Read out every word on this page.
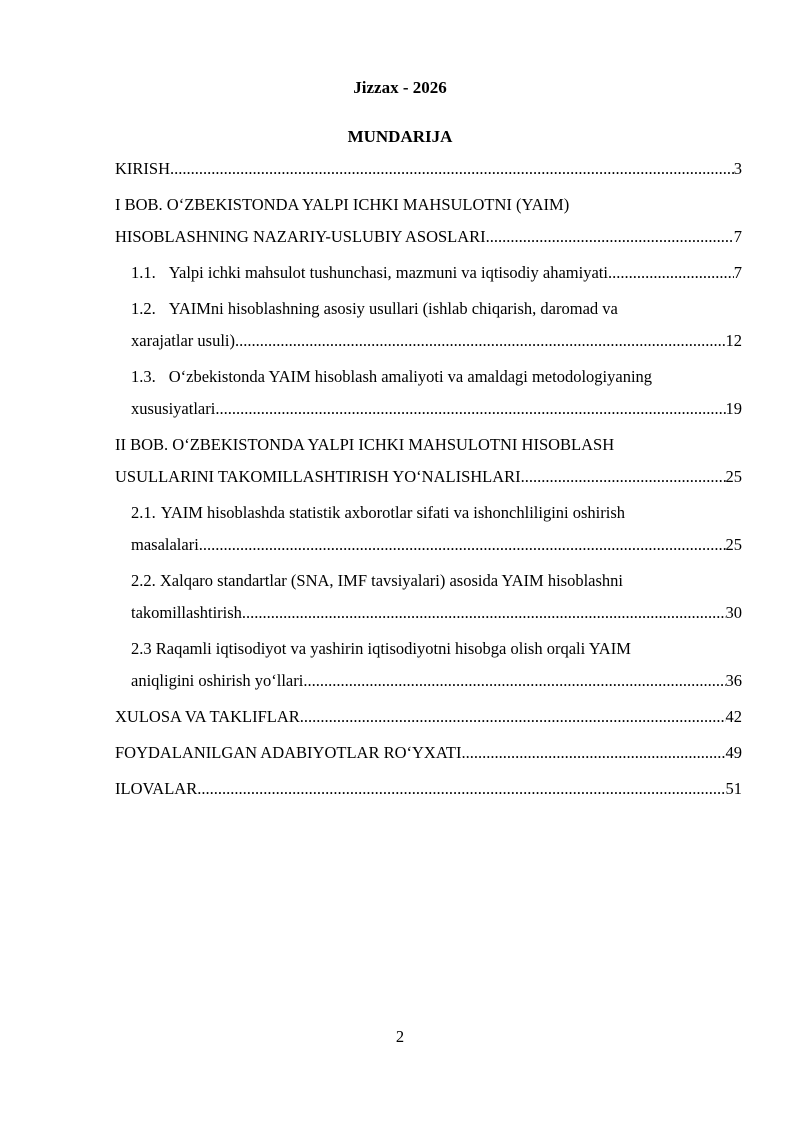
Jizzax - 2026
MUNDARIJA
KIRISH .....	3
I BOB. O‘ZBEKISTONDA YALPI ICHKI MAHSULOTNI (YAIM)
HISOBLASHNING NAZARIY-USLUBIY ASOSLARI .....	7
1.1. Yalpi ichki mahsulot tushunchasi, mazmuni va iqtisodiy ahamiyati .....	7
1.2. YAIMni hisoblashning asosiy usullari (ishlab chiqarish, daromad va
xarajatlar usuli) .....	12
1.3. O‘zbekistonda YAIM hisoblash amaliyoti va amaldagi metodologiyaning
xususiyatlari .....	19
II BOB. O‘ZBEKISTONDA YALPI ICHKI MAHSULOTNI HISOBLASH
USULLARINI TAKOMILLASHTIRISH YO‘NALISHLARI .....	25
2.1. YAIM hisoblashda statistik axborotlar sifati va ishonchliligini oshirish
masalalari .....	25
2.2. Xalqaro standartlar (SNA, IMF tavsiyalari) asosida YAIM hisoblashni
takomillashtirish .....	30
2.3 Raqamli iqtisodiyot va yashirin iqtisodiyotni hisobga olish orqali YAIM
aniqligini oshirish yo‘llari .....	36
XULOSA VA TAKLIFLAR .....	42
FOYDALANILGAN ADABIYOTLAR RO‘YXATI .....	49
ILOVALAR .....	51
2
